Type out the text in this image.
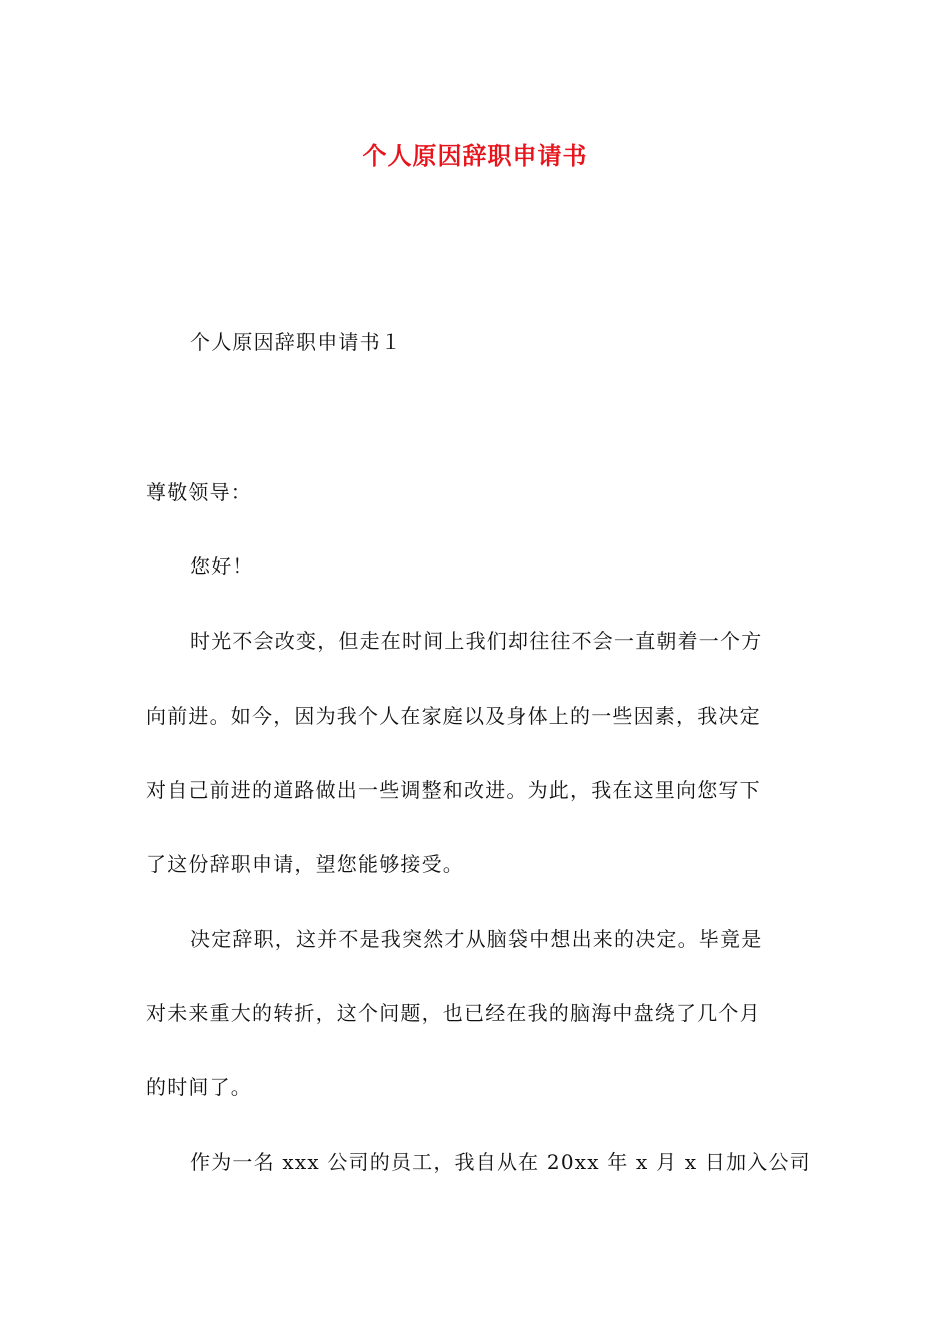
个人原因辞职申请书
个人原因辞职申请书１
尊敬领导：
您好！
时光不会改变，但走在时间上我们却往往不会一直朝着一个方
向前进。如今，因为我个人在家庭以及身体上的一些因素，我决定
对自己前进的道路做出一些调整和改进。为此，我在这里向您写下
了这份辞职申请，望您能够接受。
决定辞职，这并不是我突然才从脑袋中想出来的决定。毕竟是
对未来重大的转折，这个问题，也已经在我的脑海中盘绕了几个月
的时间了。
作为一名 xxx 公司的员工，我自从在 20xx 年 x 月 x 日加入公司
